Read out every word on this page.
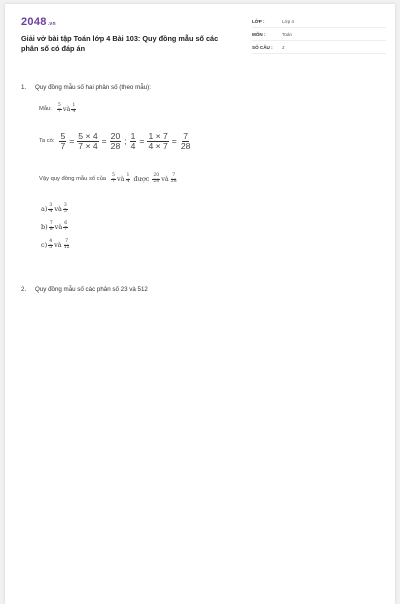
2048.vn
Giải vở bài tập Toán lớp 4 Bài 103: Quy đồng mẫu số các phân số có đáp án
LỚP :	Lớp 4
MÔN :	Toán
SỐ CÂU :	2
1. Quy đồng mẫu số hai phân số (theo mẫu):
Mẫu: $\frac{5}{7}$ và $\frac{1}{4}$
Ta có: $\frac{5}{7} = \frac{5 \times 4}{7 \times 4} = \frac{20}{28}$ ; $\frac{1}{4} = \frac{1 \times 7}{4 \times 7} = \frac{7}{28}$
Vậy quy đồng mẫu số của $\frac{5}{7}$ và $\frac{1}{4}$ được $\frac{20}{28}$ và $\frac{7}{28}$
$a) \frac{3}{4}$ và $\frac{3}{5}$
$b) \frac{7}{8}$ và $\frac{6}{7}$
$c) \frac{4}{5}$ và $\frac{7}{12}$
2. Quy đồng mẫu số các phân số 23 và 512
